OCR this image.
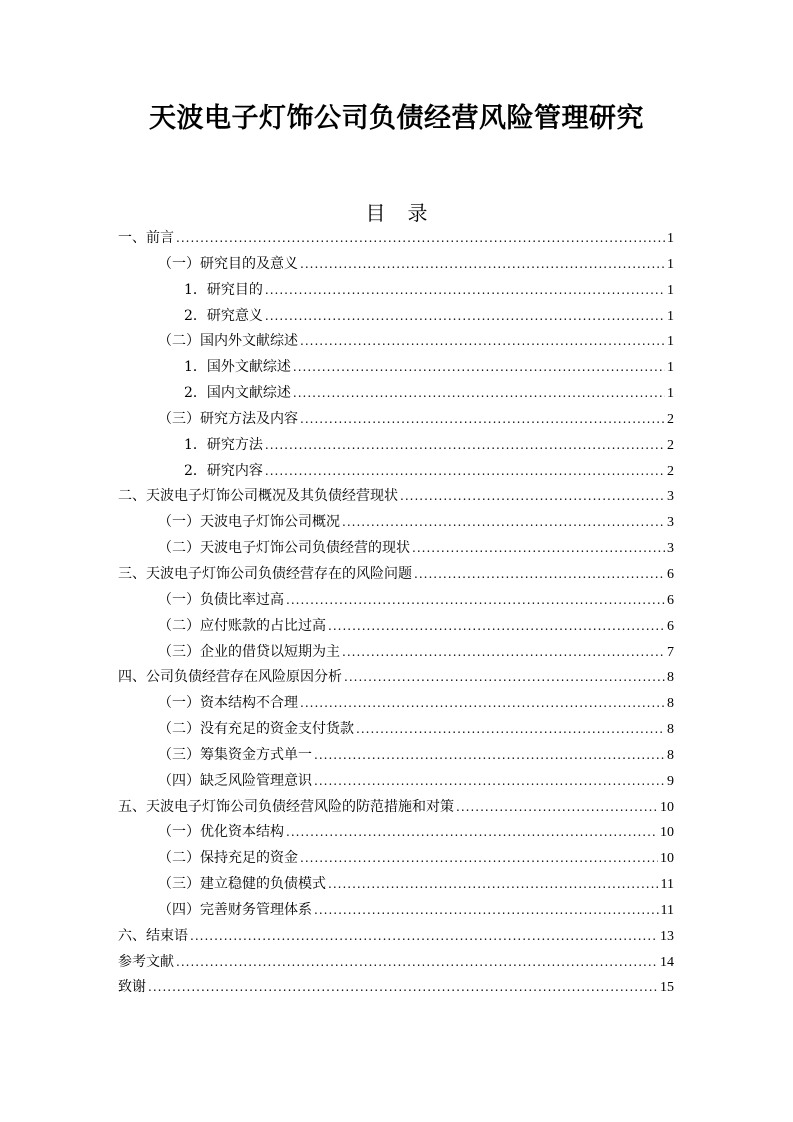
天波电子灯饰公司负债经营风险管理研究
目 录
一、 前言 .....	1
（一） 研究目的及意义 .....	1
1． 研究目的 .....	1
2． 研究意义 .....	1
（二） 国内外文献综述 .....	1
1． 国外文献综述 .....	1
2． 国内文献综述 .....	1
（三） 研究方法及内容 .....	2
1． 研究方法 .....	2
2． 研究内容 .....	2
二、 天波电子灯饰公司概况及其负债经营现状 .....	3
（一） 天波电子灯饰公司概况 .....	3
（二） 天波电子灯饰公司负债经营的现状 .....	3
三、 天波电子灯饰公司负债经营存在的风险问题 .....	6
（一） 负债比率过高 .....	6
（二） 应付账款的占比过高 .....	6
（三） 企业的借贷以短期为主 .....	7
四、 公司负债经营存在风险原因分析 .....	8
（一） 资本结构不合理 .....	8
（二） 没有充足的资金支付货款 .....	8
（三） 筹集资金方式单一 .....	8
（四） 缺乏风险管理意识 .....	9
五、 天波电子灯饰公司负债经营风险的防范措施和对策 .....	10
（一） 优化资本结构 .....	10
（二） 保持充足的资金 .....	10
（三） 建立稳健的负债模式 .....	11
（四） 完善财务管理体系 .....	11
六、 结束语 .....	13
参考文献 .....	14
致谢 .....	15
